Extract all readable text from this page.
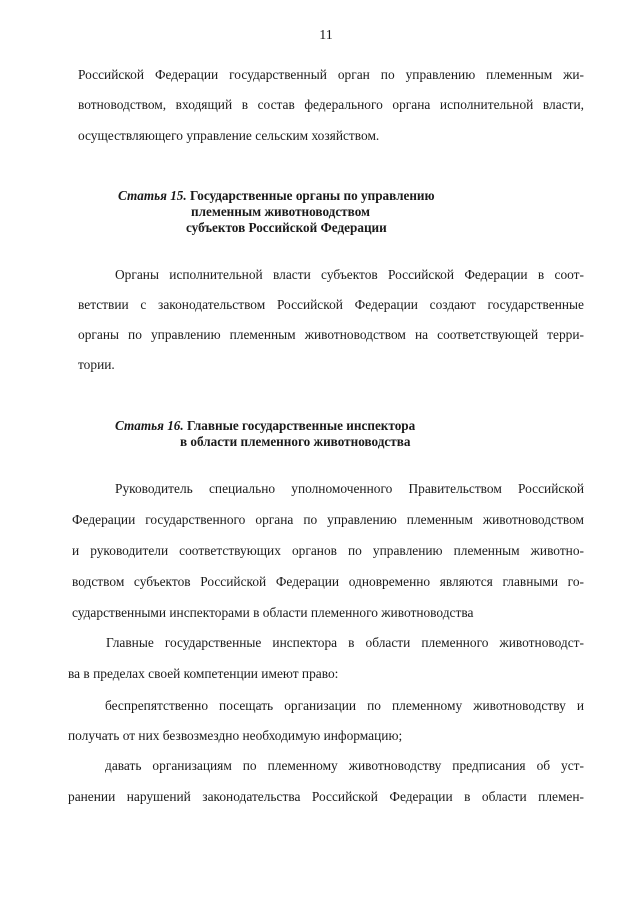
11
Российской Федерации государственный орган по управлению племенным жи-
вотноводством, входящий в состав федерального органа исполнительной власти,
осуществляющего управление сельским хозяйством.
Статья 15. Государственные органы по управлению
племенным животноводством
субъектов Российской Федерации
Органы исполнительной власти субъектов Российской Федерации в соот-
ветствии с законодательством Российской Федерации создают государственные
органы по управлению племенным животноводством на соответствующей терри-
тории.
Статья 16. Главные государственные инспектора
в области племенного животноводства
Руководитель специально уполномоченного Правительством Российской
Федерации государственного органа по управлению племенным животноводством
и руководители соответствующих органов по управлению племенным животно-
водством субъектов Российской Федерации одновременно являются главными го-
сударственными инспекторами в области племенного животноводства
Главные государственные инспектора в области племенного животноводст-
ва в пределах своей компетенции имеют право:
беспрепятственно посещать организации по племенному животноводству и
получать от них безвозмездно необходимую информацию;
давать организациям по племенному животноводству предписания об уст-
ранении нарушений законодательства Российской Федерации в области племен-
